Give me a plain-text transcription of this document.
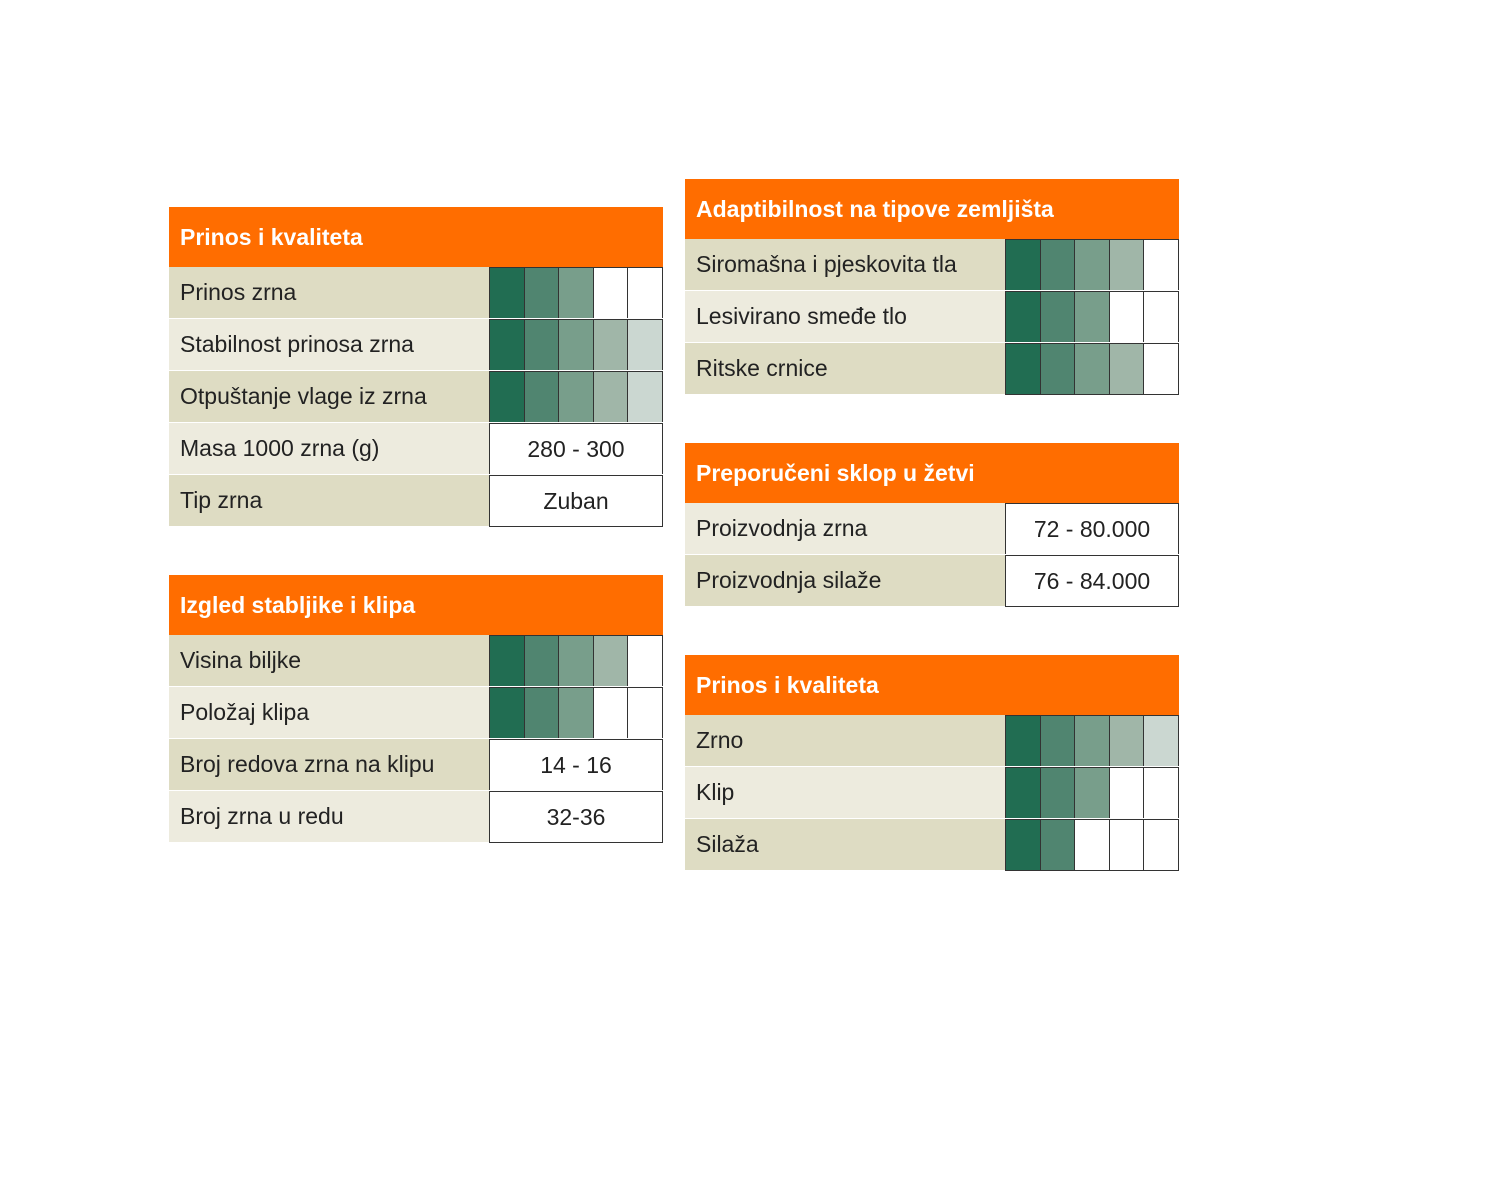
Prinos i kvaliteta
Prinos zrna
Stabilnost prinosa zrna
Otpuštanje vlage iz zrna
Masa 1000 zrna (g)	280 - 300
Tip zrna	Zuban
Izgled stabljike i klipa
Visina biljke
Položaj klipa
Broj redova zrna na klipu	14 - 16
Broj zrna u redu	32-36
Adaptibilnost na tipove zemljišta
Siromašna i pjeskovita tla
Lesivirano smeđe tlo
Ritske crnice
Preporučeni sklop u žetvi
Proizvodnja zrna	72 - 80.000
Proizvodnja silaže	76 - 84.000
Prinos i kvaliteta
Zrno
Klip
Silaža
